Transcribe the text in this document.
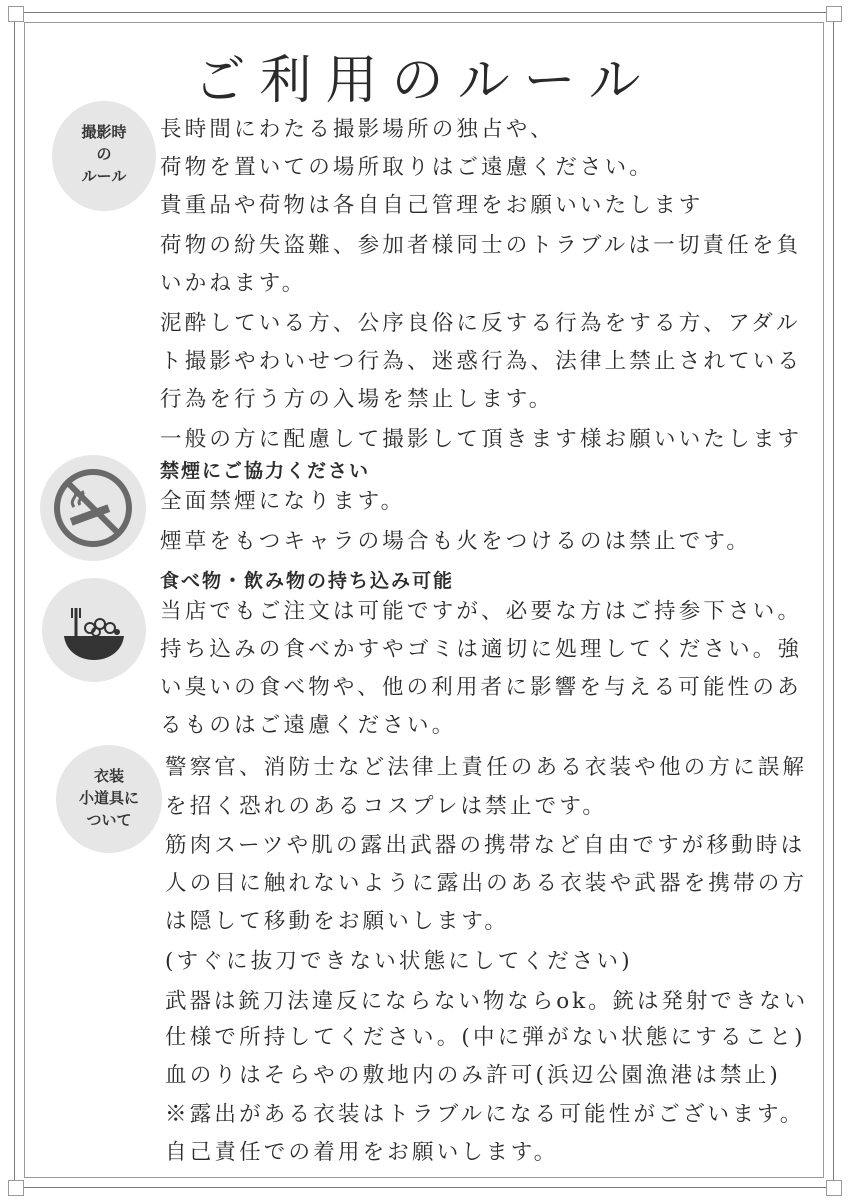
ご利用のルール
撮影時
の
ルール
長時間にわたる撮影場所の独占や、
荷物を置いての場所取りはご遠慮ください。
貴重品や荷物は各自自己管理をお願いいたします
荷物の紛失盗難、参加者様同士のトラブルは一切責任を負
いかねます。
泥酔している方、公序良俗に反する行為をする方、アダル
ト撮影やわいせつ行為、迷惑行為、法律上禁止されている
行為を行う方の入場を禁止します。
一般の方に配慮して撮影して頂きます様お願いいたします
禁煙にご協力ください
全面禁煙になります。
煙草をもつキャラの場合も火をつけるのは禁止です。
食べ物・飲み物の持ち込み可能
当店でもご注文は可能ですが、必要な方はご持参下さい。
持ち込みの食べかすやゴミは適切に処理してください。強
い臭いの食べ物や、他の利用者に影響を与える可能性のあ
るものはご遠慮ください。
衣装
小道具に
ついて
警察官、消防士など法律上責任のある衣装や他の方に誤解
を招く恐れのあるコスプレは禁止です。
筋肉スーツや肌の露出武器の携帯など自由ですが移動時は
人の目に触れないように露出のある衣装や武器を携帯の方
は隠して移動をお願いします。
(すぐに抜刀できない状態にしてください)
武器は銃刀法違反にならない物ならok。銃は発射できない
仕様で所持してください。(中に弾がない状態にすること)
血のりはそらやの敷地内のみ許可(浜辺公園漁港は禁止)
※露出がある衣装はトラブルになる可能性がございます。
自己責任での着用をお願いします。
